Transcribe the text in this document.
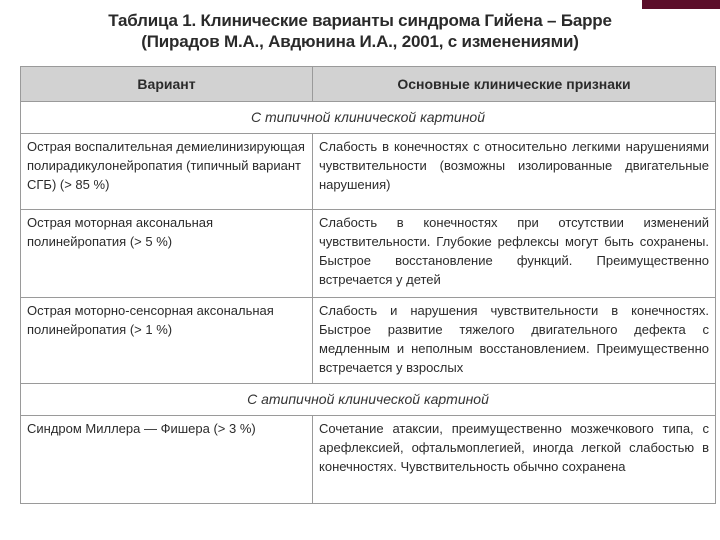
Таблица 1. Клинические варианты синдрома Гийена – Барре
(Пирадов М.А., Авдюнина И.А., 2001, с изменениями)
Вариант	Основные клинические признаки
С типичной клинической картиной	
Острая воспалительная демиелинизирующая полирадикулонейропатия (типичный вариант СГБ) (> 85 %)	Слабость в конечностях с относительно легкими нарушениями чувствительности (возможны изолированные двигательные нарушения)
Острая моторная аксональная полинейропатия (> 5 %)	Слабость в конечностях при отсутствии изменений чувствительности. Глубокие рефлексы могут быть сохранены. Быстрое восстановление функций. Преимущественно встречается у детей
Острая моторно-сенсорная аксональная полинейропатия (> 1 %)	Слабость и нарушения чувствительности в конечностях. Быстрое развитие тяжелого двигательного дефекта с медленным и неполным восстановлением. Преимущественно встречается у взрослых
С атипичной клинической картиной	
Синдром Миллера — Фишера (> 3 %)	Сочетание атаксии, преимущественно мозжечкового типа, с арефлексией, офтальмоплегией, иногда легкой слабостью в конечностях. Чувствительность обычно сохранена
